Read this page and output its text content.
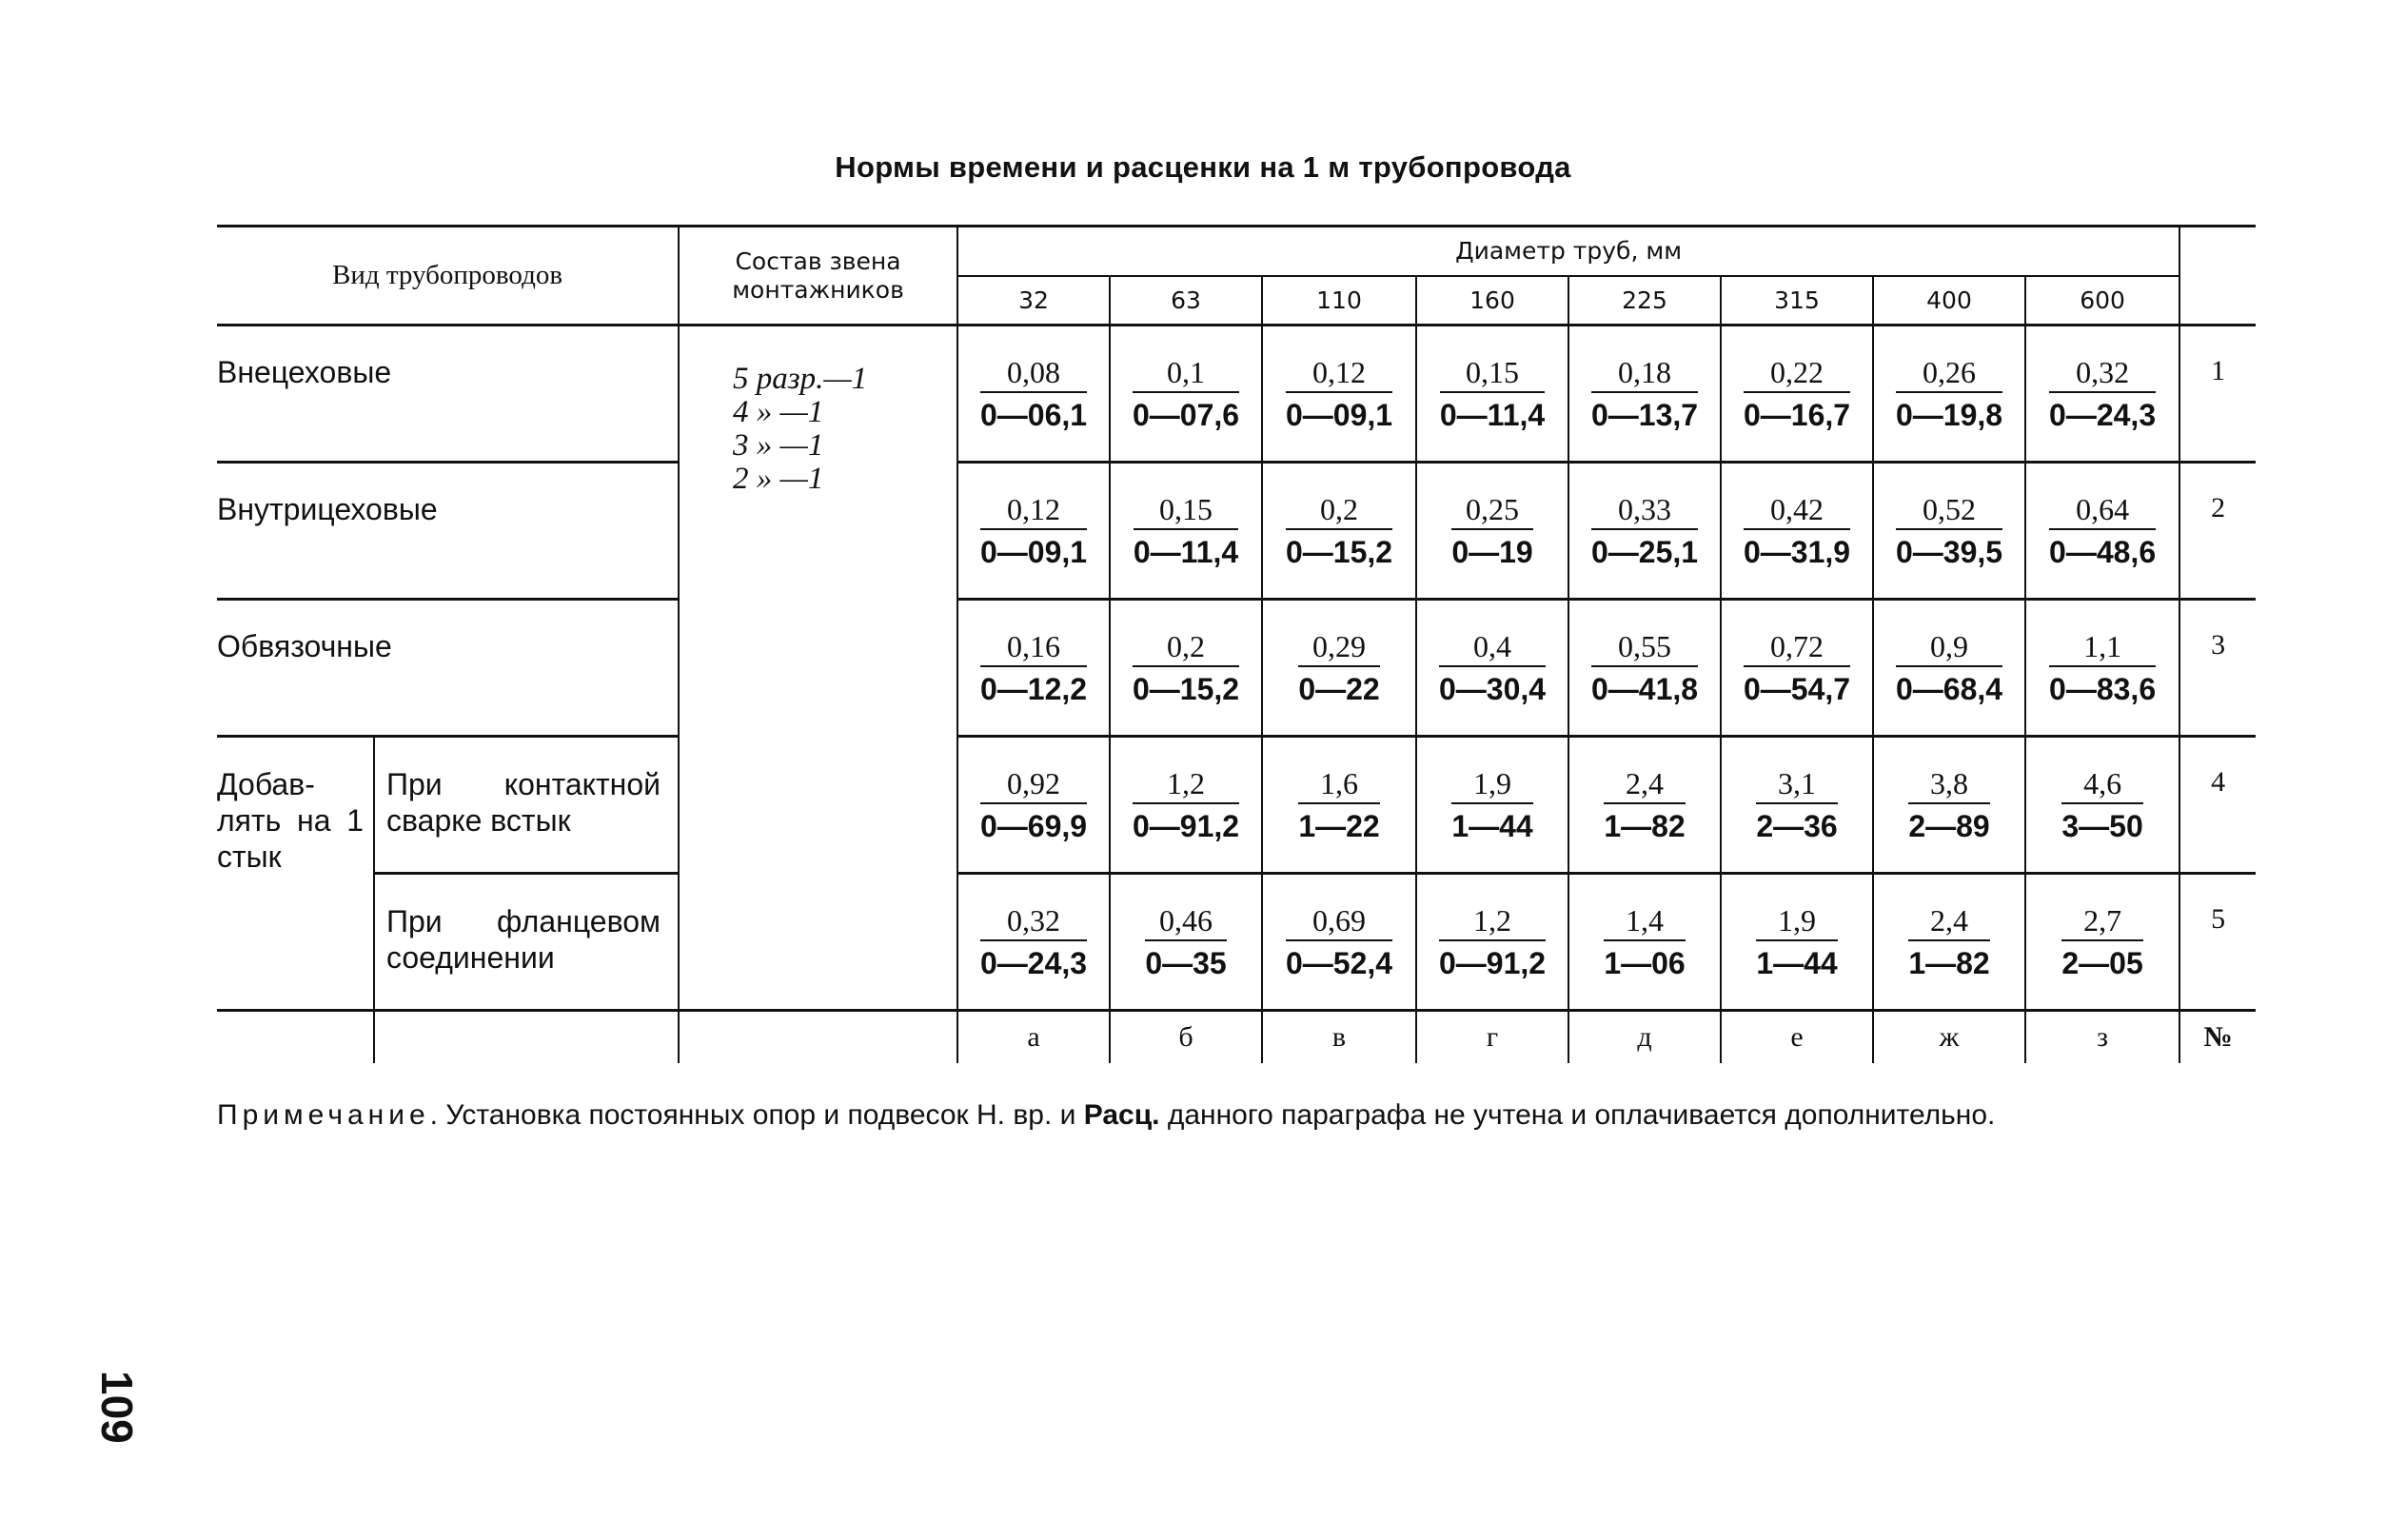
Нормы времени и расценки на 1 м трубопровода
Вид трубопроводов		Состав звена монтажников	Диаметр труб, мм								
			32	63	110	160	225	315	400	600	
Внецеховые		5 разр.—1
4 » —1
3 » —1
2 » —1	$\frac{0,08}{0—06,1}$	$\frac{0,1}{0—07,6}$	$\frac{0,12}{0—09,1}$	$\frac{0,15}{0—11,4}$	$\frac{0,18}{0—13,7}$	$\frac{0,22}{0—16,7}$	$\frac{0,26}{0—19,8}$	$\frac{0,32}{0—24,3}$	1
Внутрицеховые			$\frac{0,12}{0—09,1}$	$\frac{0,15}{0—11,4}$	$\frac{0,2}{0—15,2}$	$\frac{0,25}{0—19}$	$\frac{0,33}{0—25,1}$	$\frac{0,42}{0—31,9}$	$\frac{0,52}{0—39,5}$	$\frac{0,64}{0—48,6}$	2
Обвязочные			$\frac{0,16}{0—12,2}$	$\frac{0,2}{0—15,2}$	$\frac{0,29}{0—22}$	$\frac{0,4}{0—30,4}$	$\frac{0,55}{0—41,8}$	$\frac{0,72}{0—54,7}$	$\frac{0,9}{0—68,4}$	$\frac{1,1}{0—83,6}$	3
Добав-лять на 1 стык	При контактной сварке встык		$\frac{0,92}{0—69,9}$	$\frac{1,2}{0—91,2}$	$\frac{1,6}{1—22}$	$\frac{1,9}{1—44}$	$\frac{2,4}{1—82}$	$\frac{3,1}{2—36}$	$\frac{3,8}{2—89}$	$\frac{4,6}{3—50}$	4
	При фланцевом соединении		$\frac{0,32}{0—24,3}$	$\frac{0,46}{0—35}$	$\frac{0,69}{0—52,4}$	$\frac{1,2}{0—91,2}$	$\frac{1,4}{1—06}$	$\frac{1,9}{1—44}$	$\frac{2,4}{1—82}$	$\frac{2,7}{2—05}$	5
			а	б	в	г	д	е	ж	з	№
Примечание. Установка постоянных опор и подвесок Н. вр. и Расц. данного параграфа не учтена и оплачивается дополнительно.
109
